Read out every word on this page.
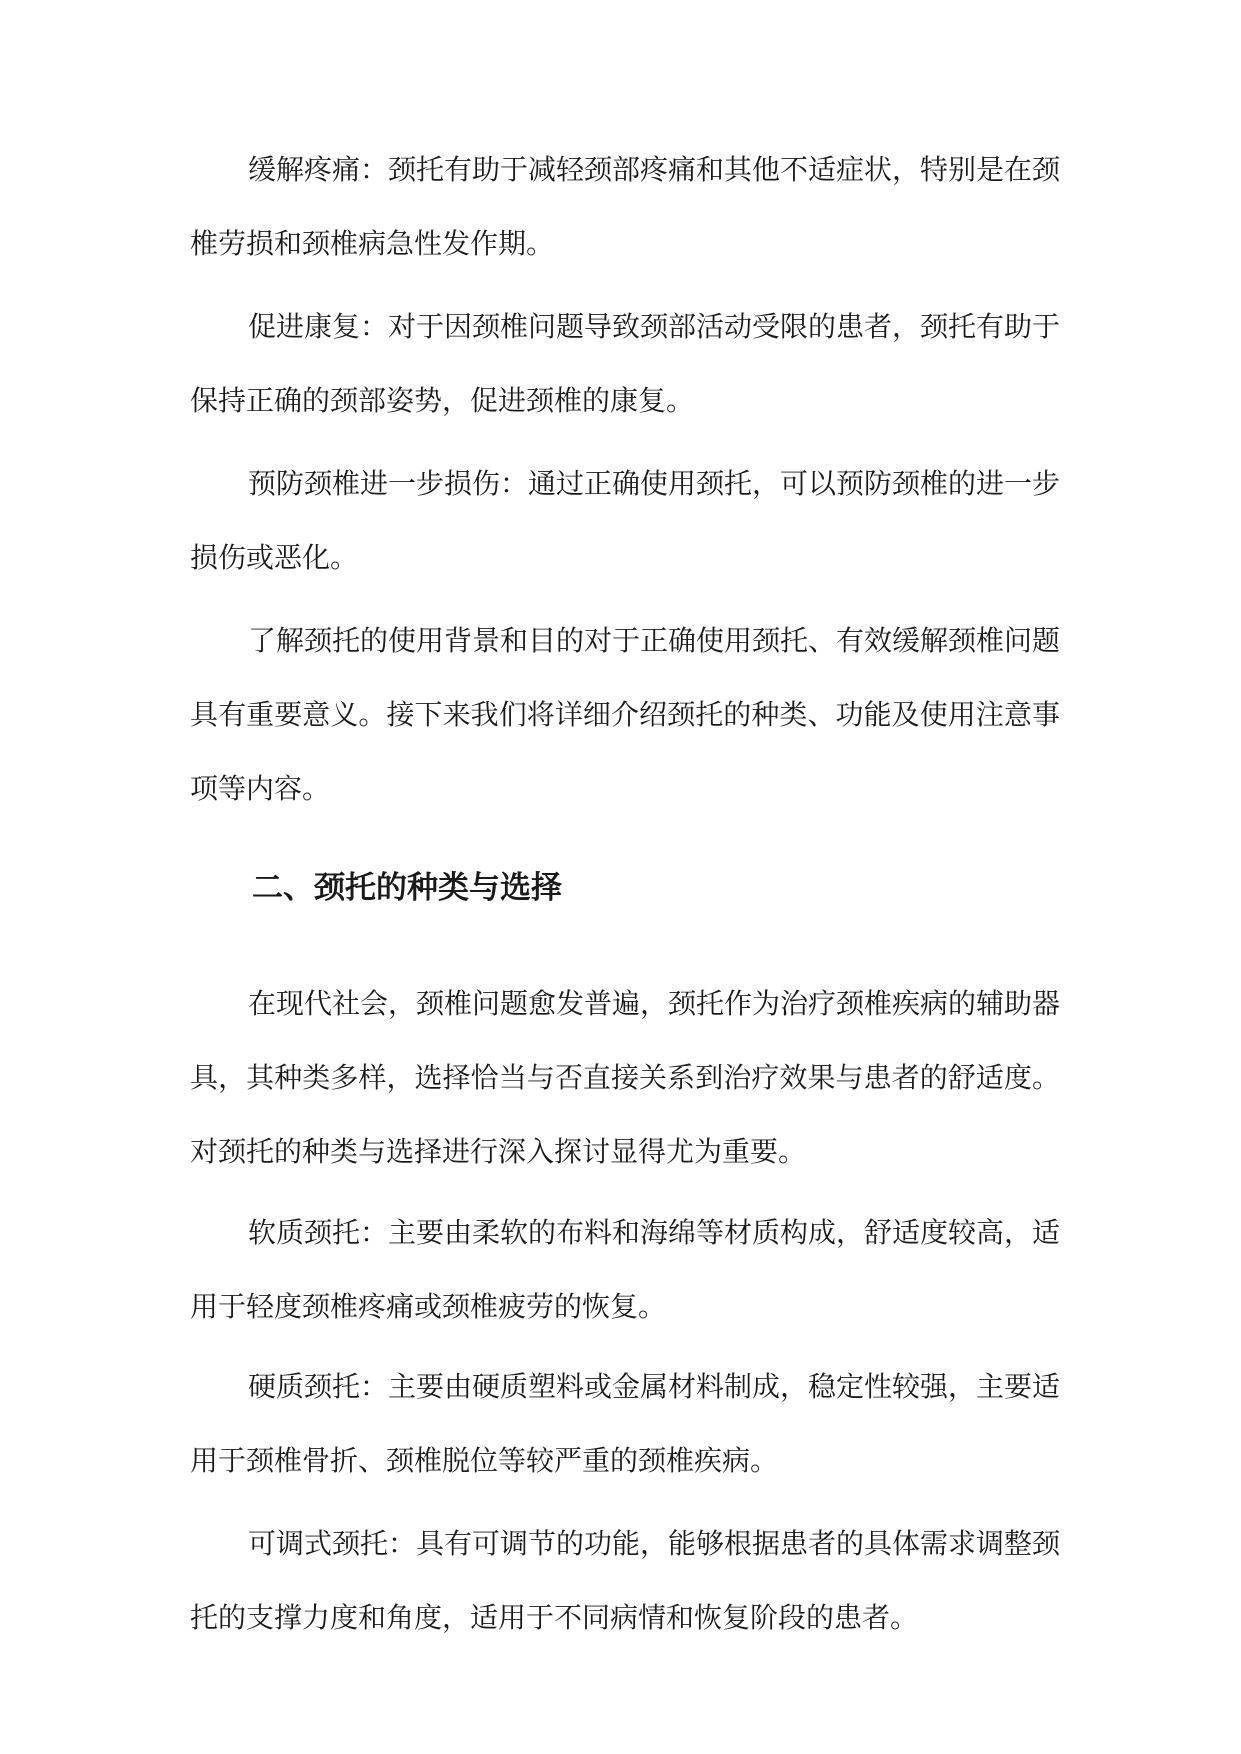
缓解疼痛：颈托有助于减轻颈部疼痛和其他不适症状，特别是在颈椎劳损和颈椎病急性发作期。

促进康复：对于因颈椎问题导致颈部活动受限的患者，颈托有助于保持正确的颈部姿势，促进颈椎的康复。

预防颈椎进一步损伤：通过正确使用颈托，可以预防颈椎的进一步损伤或恶化。

了解颈托的使用背景和目的对于正确使用颈托、有效缓解颈椎问题具有重要意义。接下来我们将详细介绍颈托的种类、功能及使用注意事项等内容。

二、颈托的种类与选择

在现代社会，颈椎问题愈发普遍，颈托作为治疗颈椎疾病的辅助器具，其种类多样，选择恰当与否直接关系到治疗效果与患者的舒适度。对颈托的种类与选择进行深入探讨显得尤为重要。

软质颈托：主要由柔软的布料和海绵等材质构成，舒适度较高，适用于轻度颈椎疼痛或颈椎疲劳的恢复。

硬质颈托：主要由硬质塑料或金属材料制成，稳定性较强，主要适用于颈椎骨折、颈椎脱位等较严重的颈椎疾病。

可调式颈托：具有可调节的功能，能够根据患者的具体需求调整颈托的支撑力度和角度，适用于不同病情和恢复阶段的患者。
